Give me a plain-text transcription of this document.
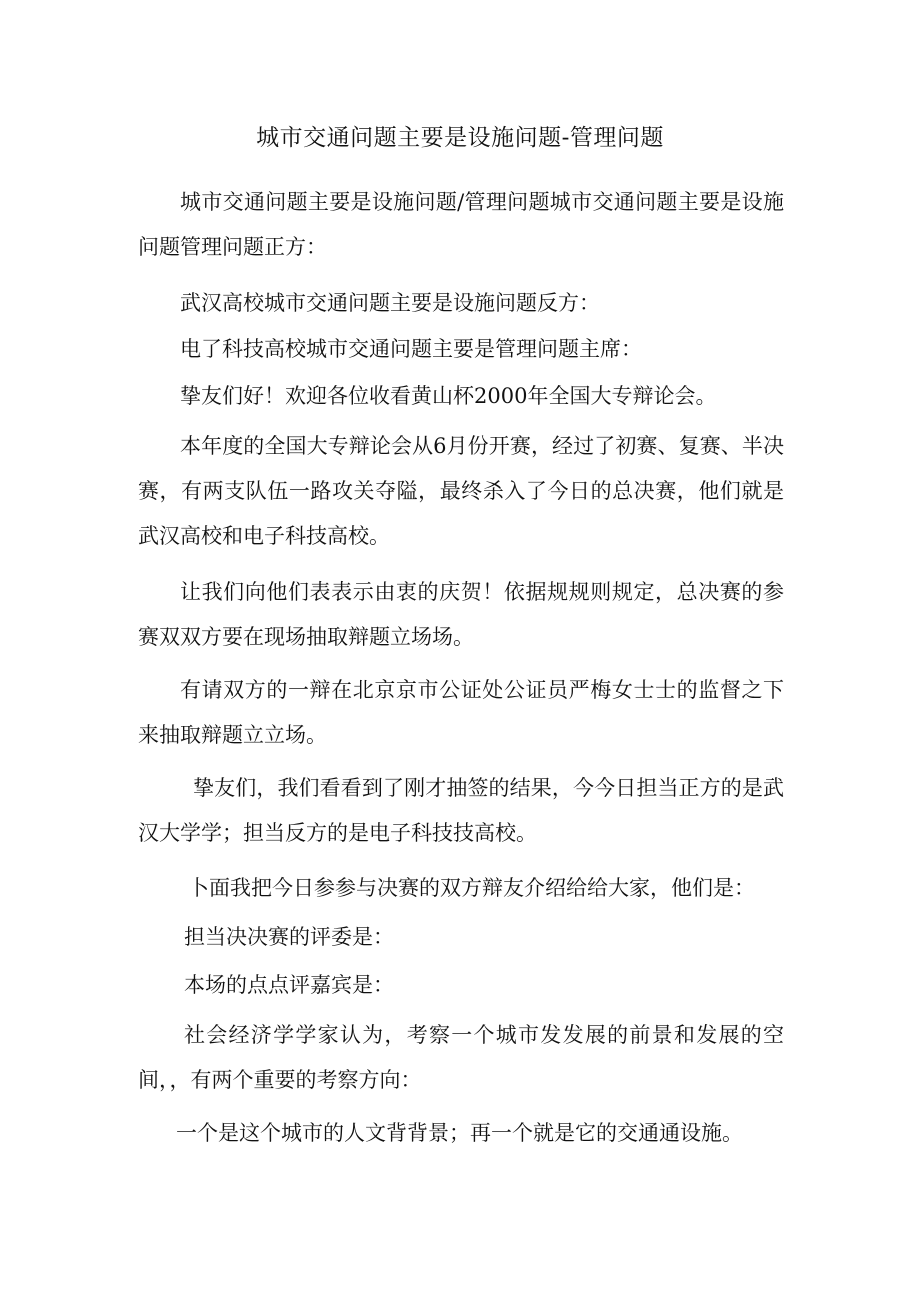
城市交通问题主要是设施问题-管理问题

城市交通问题主要是设施问题/管理问题城市交通问题主要是设施问题管理问题正方：

武汉高校城市交通问题主要是设施问题反方：

电了科技高校城市交通问题主要是管理问题主席：

挚友们好！欢迎各位收看黄山杯2000年全国大专辩论会。

本年度的全国大专辩论会从6月份开赛，经过了初赛、复赛、半决赛，有两支队伍一路攻关夺隘，最终杀入了今日的总决赛，他们就是武汉高校和电子科技高校。

让我们向他们表表示由衷的庆贺！依据规规则规定，总决赛的参赛双双方要在现场抽取辩题立场场。

有请双方的一辩在北京京市公证处公证员严梅女士士的监督之下来抽取辩题立立场。

挚友们，我们看看到了刚才抽签的结果，今今日担当正方的是武汉大学学；担当反方的是电子科技技高校。

卜面我把今日参参与决赛的双方辩友介绍给给大家，他们是：

担当决决赛的评委是：

本场的点点评嘉宾是：

社会经济学学家认为，考察一个城市发发展的前景和发展的空间，，有两个重要的考察方向：

一个是这个城市的人文背背景；再一个就是它的交通通设施。
